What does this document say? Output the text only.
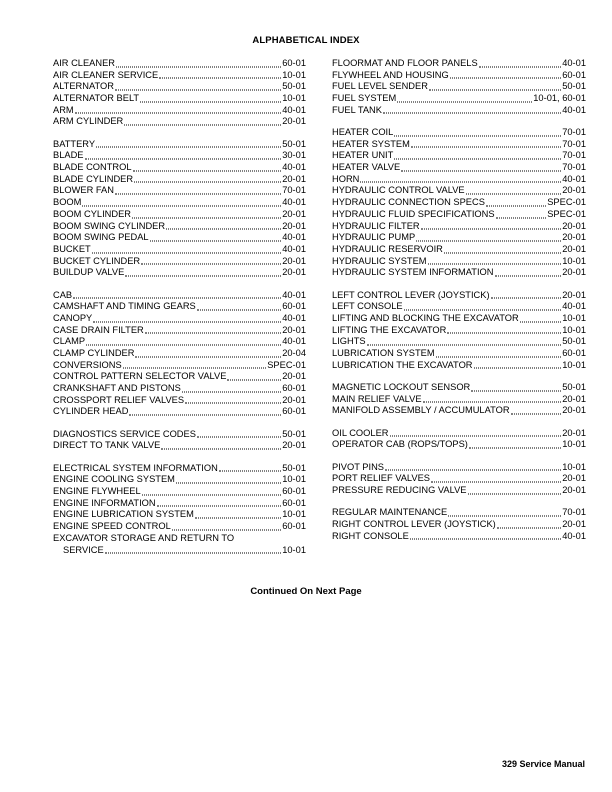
ALPHABETICAL INDEX
AIR CLEANER	60-01
AIR CLEANER SERVICE	10-01
ALTERNATOR	50-01
ALTERNATOR BELT	10-01
ARM	40-01
ARM CYLINDER	20-01
BATTERY	50-01
BLADE	30-01
BLADE CONTROL	40-01
BLADE CYLINDER	20-01
BLOWER FAN	70-01
BOOM	40-01
BOOM CYLINDER	20-01
BOOM SWING CYLINDER	20-01
BOOM SWING PEDAL	40-01
BUCKET	40-01
BUCKET CYLINDER	20-01
BUILDUP VALVE	20-01
CAB	40-01
CAMSHAFT AND TIMING GEARS	60-01
CANOPY	40-01
CASE DRAIN FILTER	20-01
CLAMP	40-01
CLAMP CYLINDER	20-04
CONVERSIONS	SPEC-01
CONTROL PATTERN SELECTOR VALVE	20-01
CRANKSHAFT AND PISTONS	60-01
CROSSPORT RELIEF VALVES	20-01
CYLINDER HEAD	60-01
DIAGNOSTICS SERVICE CODES	50-01
DIRECT TO TANK VALVE	20-01
ELECTRICAL SYSTEM INFORMATION	50-01
ENGINE COOLING SYSTEM	10-01
ENGINE FLYWHEEL	60-01
ENGINE INFORMATION	60-01
ENGINE LUBRICATION SYSTEM	10-01
ENGINE SPEED CONTROL	60-01
EXCAVATOR STORAGE AND RETURN TO
SERVICE	10-01
FLOORMAT AND FLOOR PANELS	40-01
FLYWHEEL AND HOUSING	60-01
FUEL LEVEL SENDER	50-01
FUEL SYSTEM	10-01, 60-01
FUEL TANK	40-01
HEATER COIL	70-01
HEATER SYSTEM	70-01
HEATER UNIT	70-01
HEATER VALVE	70-01
HORN	40-01
HYDRAULIC CONTROL VALVE	20-01
HYDRAULIC CONNECTION SPECS	SPEC-01
HYDRAULIC FLUID SPECIFICATIONS	SPEC-01
HYDRAULIC FILTER	20-01
HYDRAULIC PUMP	20-01
HYDRAULIC RESERVOIR	20-01
HYDRAULIC SYSTEM	10-01
HYDRAULIC SYSTEM INFORMATION	20-01
LEFT CONTROL LEVER (JOYSTICK)	20-01
LEFT CONSOLE	40-01
LIFTING AND BLOCKING THE EXCAVATOR	10-01
LIFTING THE EXCAVATOR	10-01
LIGHTS	50-01
LUBRICATION SYSTEM	60-01
LUBRICATION THE EXCAVATOR	10-01
MAGNETIC LOCKOUT SENSOR	50-01
MAIN RELIEF VALVE	20-01
MANIFOLD ASSEMBLY / ACCUMULATOR	20-01
OIL COOLER	20-01
OPERATOR CAB (ROPS/TOPS)	10-01
PIVOT PINS	10-01
PORT RELIEF VALVES	20-01
PRESSURE REDUCING VALVE	20-01
REGULAR MAINTENANCE	70-01
RIGHT CONTROL LEVER (JOYSTICK)	20-01
RIGHT CONSOLE	40-01
Continued On Next Page
329 Service Manual
